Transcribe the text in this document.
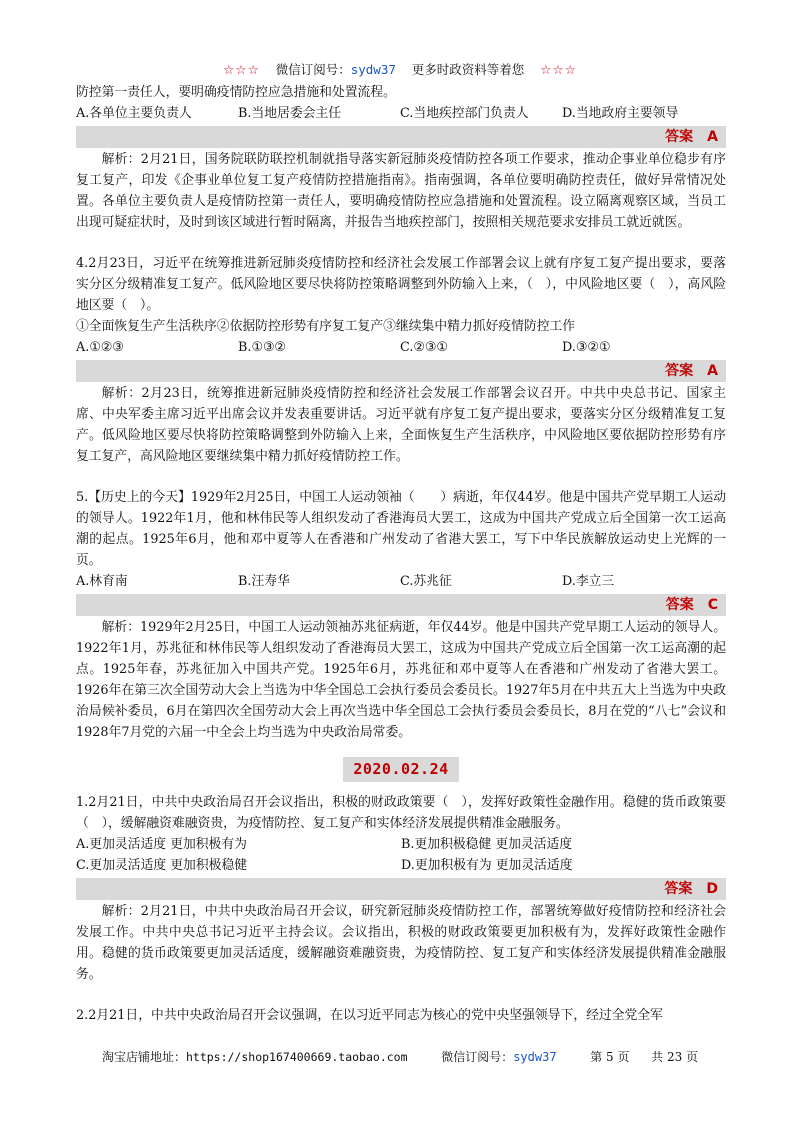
☆☆☆ 微信订阅号：sydw37 更多时政资料等着您 ☆☆☆

防控第一责任人，要明确疫情防控应急措施和处置流程。

A.各单位主要负责人	B.当地居委会主任	C.当地疾控部门负责人	D.当地政府主要领导
答案 A

解析：2月21日，国务院联防联控机制就指导落实新冠肺炎疫情防控各项工作要求，推动企事业单位稳步有序复工复产，印发《企事业单位复工复产疫情防控措施指南》。指南强调，各单位要明确防控责任，做好异常情况处置。各单位主要负责人是疫情防控第一责任人，要明确疫情防控应急措施和处置流程。设立隔离观察区域，当员工出现可疑症状时，及时到该区域进行暂时隔离，并报告当地疾控部门，按照相关规范要求安排员工就近就医。

4.2月23日，习近平在统筹推进新冠肺炎疫情防控和经济社会发展工作部署会议上就有序复工复产提出要求，要落实分区分级精准复工复产。低风险地区要尽快将防控策略调整到外防输入上来，（　），中风险地区要（　），高风险地区要（　）。

①全面恢复生产生活秩序②依据防控形势有序复工复产③继续集中精力抓好疫情防控工作

A.①②③	B.①③②	C.②③①	D.③②①
答案 A

解析：2月23日，统筹推进新冠肺炎疫情防控和经济社会发展工作部署会议召开。中共中央总书记、国家主席、中央军委主席习近平出席会议并发表重要讲话。习近平就有序复工复产提出要求，要落实分区分级精准复工复产。低风险地区要尽快将防控策略调整到外防输入上来，全面恢复生产生活秩序，中风险地区要依据防控形势有序复工复产，高风险地区要继续集中精力抓好疫情防控工作。

5.【历史上的今天】1929年2月25日，中国工人运动领袖（　　）病逝，年仅44岁。他是中国共产党早期工人运动的领导人。1922年1月，他和林伟民等人组织发动了香港海员大罢工，这成为中国共产党成立后全国第一次工运高潮的起点。1925年6月，他和邓中夏等人在香港和广州发动了省港大罢工，写下中华民族解放运动史上光辉的一页。

A.林育南	B.汪寿华	C.苏兆征	D.李立三
答案 C

解析：1929年2月25日，中国工人运动领袖苏兆征病逝，年仅44岁。他是中国共产党早期工人运动的领导人。1922年1月，苏兆征和林伟民等人组织发动了香港海员大罢工，这成为中国共产党成立后全国第一次工运高潮的起点。1925年春，苏兆征加入中国共产党。1925年6月，苏兆征和邓中夏等人在香港和广州发动了省港大罢工。1926年在第三次全国劳动大会上当选为中华全国总工会执行委员会委员长。1927年5月在中共五大上当选为中央政治局候补委员，6月在第四次全国劳动大会上再次当选中华全国总工会执行委员会委员长，8月在党的“八七”会议和1928年7月党的六届一中全会上均当选为中央政治局常委。

2020.02.24

1.2月21日，中共中央政治局召开会议指出，积极的财政政策要（　），发挥好政策性金融作用。稳健的货币政策要（　），缓解融资难融资贵，为疫情防控、复工复产和实体经济发展提供精准金融服务。

A.更加灵活适度 更加积极有为	B.更加积极稳健 更加灵活适度
C.更加灵活适度 更加积极稳健	D.更加积极有为 更加灵活适度
答案 D

解析：2月21日，中共中央政治局召开会议，研究新冠肺炎疫情防控工作，部署统筹做好疫情防控和经济社会发展工作。中共中央总书记习近平主持会议。会议指出，积极的财政政策要更加积极有为，发挥好政策性金融作用。稳健的货币政策要更加灵活适度，缓解融资难融资贵，为疫情防控、复工复产和实体经济发展提供精准金融服务。

2.2月21日，中共中央政治局召开会议强调，在以习近平同志为核心的党中央坚强领导下，经过全党全军

淘宝店铺地址：https://shop167400669.taobao.com	微信订阅号：sydw37	第 5 页 共 23 页
